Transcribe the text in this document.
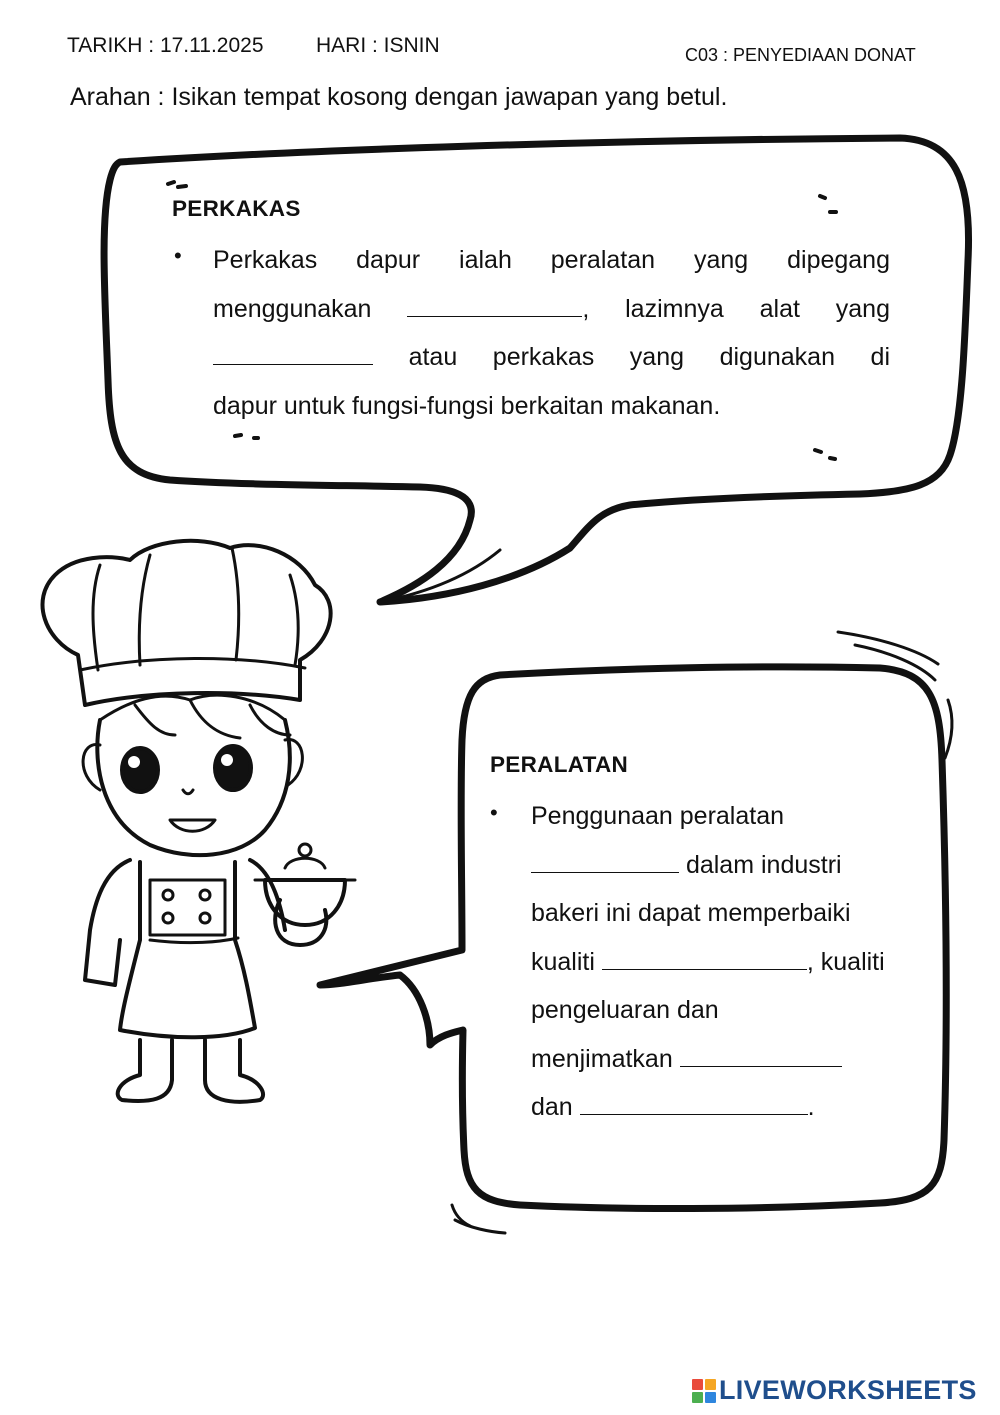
TARIKH : 17.11.2025	HARI : ISNIN	C03 : PENYEDIAAN DONAT
Arahan : Isikan tempat kosong dengan jawapan yang betul.
PERKAKAS
• Perkakas dapur ialah peralatan yang dipegang
menggunakan	, lazimnya alat yang
atau perkakas yang digunakan di
dapur untuk fungsi-fungsi berkaitan makanan.
PERALATAN
• Penggunaan peralatan
dalam industri
bakeri ini dapat memperbaiki
kualiti	, kualiti
pengeluaran dan
menjimatkan
dan	.
LIVEWORKSHEETS
